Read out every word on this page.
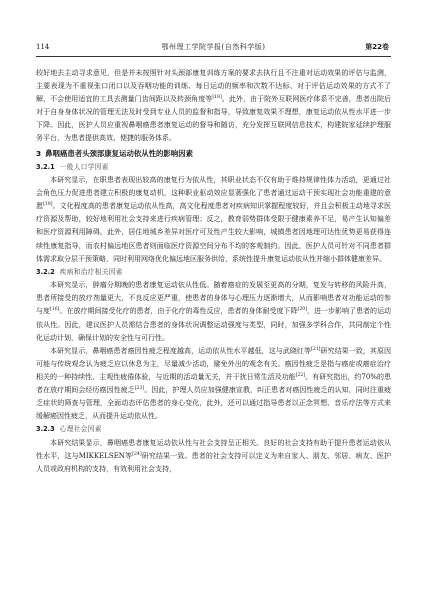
114	鄂州理工学院学报(自然科学版)	第22卷

较好地去主动寻求意见，但是并未按照针对头颈部康复训练方案的要求去执行且不注重对运动效果的评估与监测，主要表现为不重视张口闭口以及吞咽功能的训练、每日运动的频率和次数不达标、对于评估运动效果的方式不了解，不会使用适宜的工具去测量门齿间距以及转颈角度等[18]。此外，由于院外互联网医疗体系不完善，患者出院后对于自身身体状况的管理无法及时受到专业人员的监督和指导，导致康复效果不理想，康复运动依从性水平进一步下降。因此，医护人员应重视鼻咽癌患者康复运动的督导和随访，充分发挥互联网信息技术，构建院家延续护理服务平台，为患者提供高效、便捷的服务体系。

3 鼻咽癌患者头颈部康复运动依从性的影响因素
3.2.1 一般人口学因素

本研究显示，在职患者表现出较高的康复行为依从性，其职业状态不仅有助于维持规律性体力活动，更通过社会角色压力促进患者建立积极的康复动机，这种职业驱动效应显著强化了患者通过运动干预实现社会功能重建的意愿[19]。文化程度高的患者康复运动依从性高，高文化程度患者对疾病知识掌握程度较好，并且会积极主动地寻求医疗资源及帮助，较好地利用社会支持来进行疾病管理；反之，教育弱势群体受限于健康素养不足，易产生认知偏差和医疗资源利用障碍。此外，居住地城乡差异对医疗可及性产生较大影响，城镇患者因地理可达性优势更易获得连续性康复指导，而农村偏远地区患者则面临医疗资源空间分布不均的客观制约。因此，医护人员可针对不同患者群体需求取分层干预策略，同时利用网络优化偏远地区服务供给，系统性提升康复运动依从性并缩小群体健康差异。

3.2.2 疾病和治疗相关因素

本研究显示，肿瘤分期晚的患者康复运动依从性低。随着癌症的发展至更高的分期，复发与转移的风险升高，患者所接受的放疗剂量更大，不良反应更严重，使患者的身体与心理压力逐渐增大，从而影响患者对功能运动的参与度[16]。在放疗期间接受化疗的患者，由于化疗的毒性反应，患者的身体耐受度下降[20]，进一步影响了患者的运动依从性。因此，建议医护人员需结合患者的身体状况调整运动强度与类型，同时，加强多学科合作，共同制定个性化运动计划，确保计划的安全性与可行性。

本研究显示，鼻咽癌患者癌因性疲乏程度越高，运动依从性水平越低，这与武晓红等[21]研究结果一致，其原因可能与传统观念认为疲乏应以休息为主，尽量减少活动，避免外出的观念有关。癌因性疲乏是指与癌症或癌症治疗相关的一种持续性、主观性疲倦体验，与近期的活动量无关，并干扰日常生活及功能[22]。有研究指出，约70%的患者在放疗期间会经历癌因性疲乏[23]。因此，护理人员应加强健康宣教，纠正患者对癌因性疲乏的认知，同时注重疲乏症状的筛查与管理，全面动态评估患者的身心变化，此外，还可以通过指导患者以正念冥想、音乐疗法等方式来缓解癌因性疲乏，从而提升运动依从性。

3.2.3 心理社会因素

本研究结果显示，鼻咽癌患者康复运动依从性与社会支持呈正相关。良好的社会支持有助于提升患者运动依从性水平，这与MIKKELSEN等[24]研究结果一致。患者的社会支持可以定义为来自家人、朋友、邻居、病友、医护人员或政府机构的支持，有效利用社会支持，
